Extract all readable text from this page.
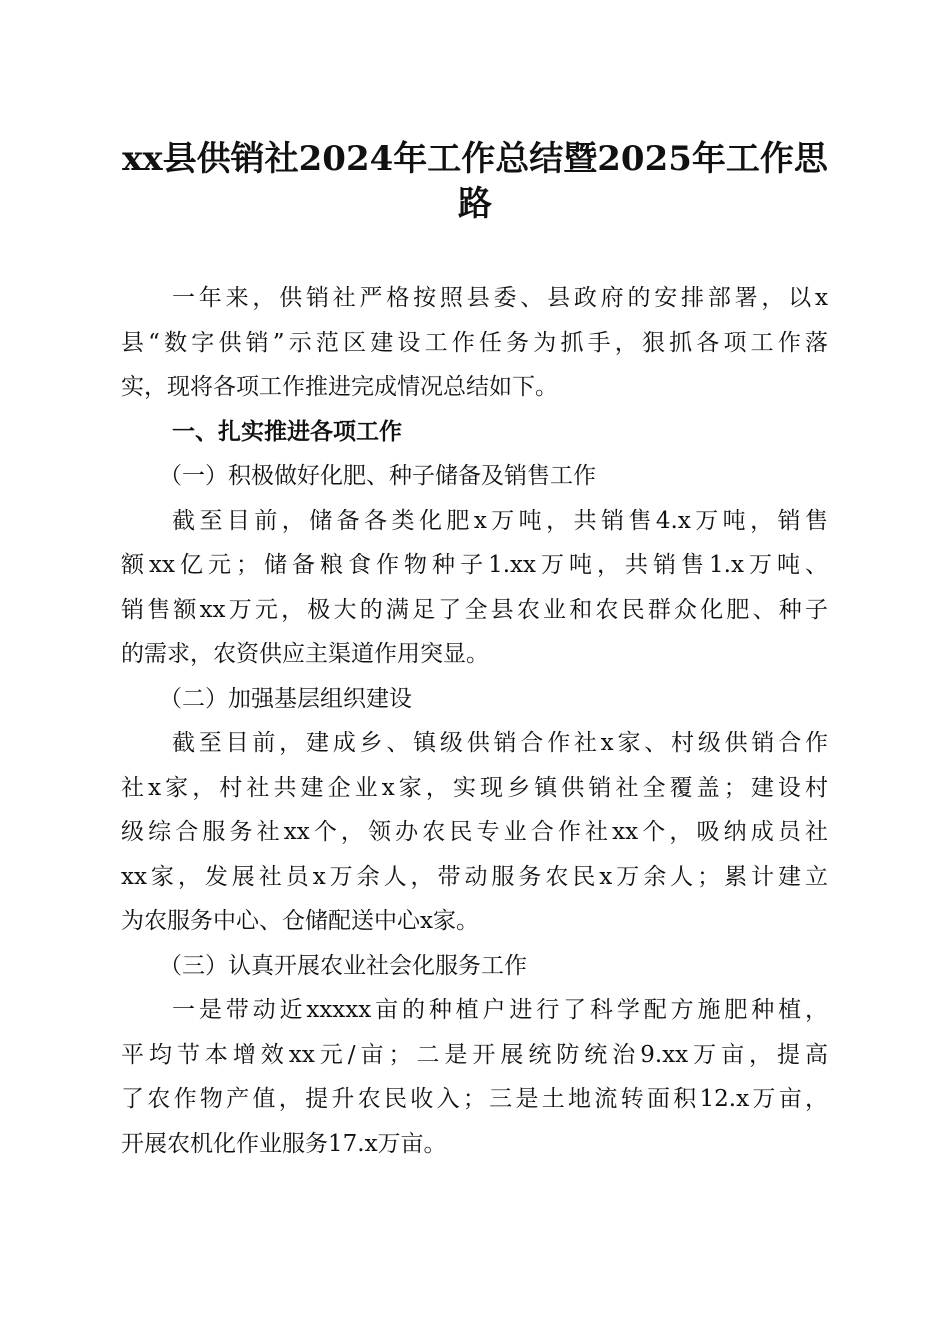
xx县供销社2024年工作总结暨2025年工作思
路
一年来，供销社严格按照县委、县政府的安排部署，以x
县“数字供销”示范区建设工作任务为抓手，狠抓各项工作落
实，现将各项工作推进完成情况总结如下。
一、扎实推进各项工作
（一）积极做好化肥、种子储备及销售工作
截至目前，储备各类化肥x万吨，共销售4.x万吨，销售
额xx亿元；储备粮食作物种子1.xx万吨，共销售1.x万吨、
销售额xx万元，极大的满足了全县农业和农民群众化肥、种子
的需求，农资供应主渠道作用突显。
（二）加强基层组织建设
截至目前，建成乡、镇级供销合作社x家、村级供销合作
社x家，村社共建企业x家，实现乡镇供销社全覆盖；建设村
级综合服务社xx个，领办农民专业合作社xx个，吸纳成员社
xx家，发展社员x万余人，带动服务农民x万余人；累计建立
为农服务中心、仓储配送中心x家。
（三）认真开展农业社会化服务工作
一是带动近xxxxx亩的种植户进行了科学配方施肥种植，
平均节本增效xx元/亩；二是开展统防统治9.xx万亩，提高
了农作物产值，提升农民收入；三是土地流转面积12.x万亩，
开展农机化作业服务17.x万亩。
